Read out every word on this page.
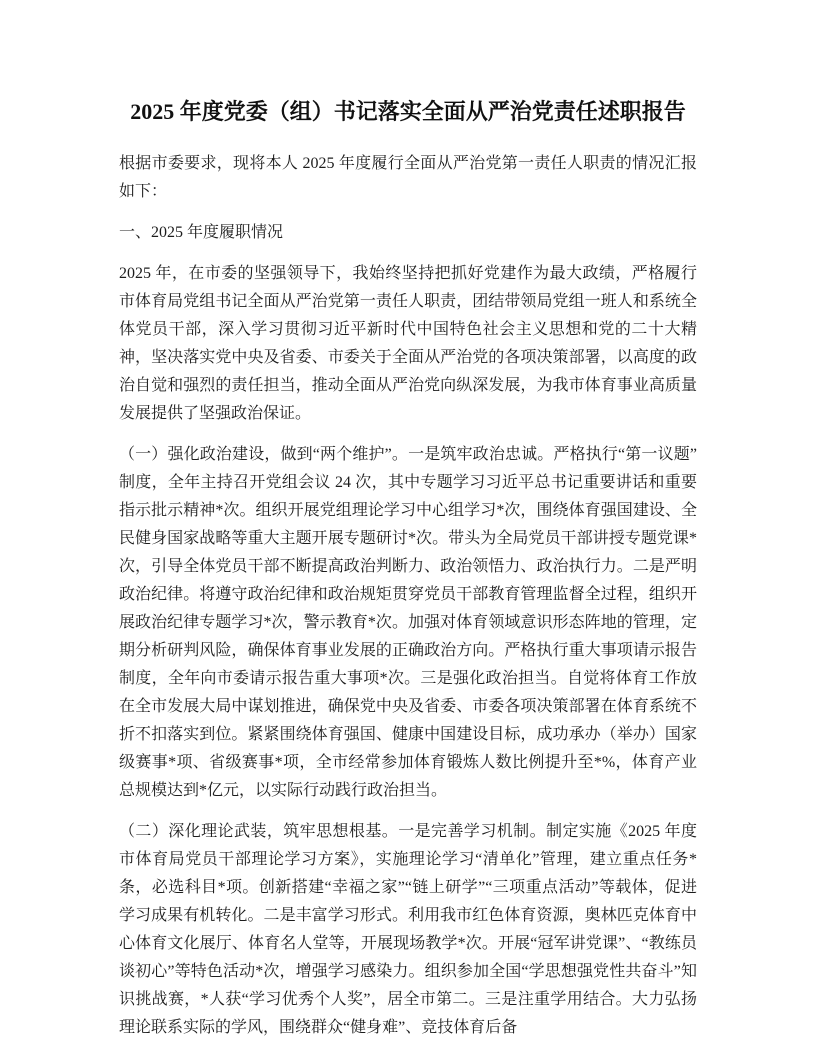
2025 年度党委（组）书记落实全面从严治党责任述职报告

根据市委要求，现将本人 2025 年度履行全面从严治党第一责任人职责的情况汇报如下：

一、2025 年度履职情况

2025 年，在市委的坚强领导下，我始终坚持把抓好党建作为最大政绩，严格履行市体育局党组书记全面从严治党第一责任人职责，团结带领局党组一班人和系统全体党员干部，深入学习贯彻习近平新时代中国特色社会主义思想和党的二十大精神，坚决落实党中央及省委、市委关于全面从严治党的各项决策部署，以高度的政治自觉和强烈的责任担当，推动全面从严治党向纵深发展，为我市体育事业高质量发展提供了坚强政治保证。

（一）强化政治建设，做到“两个维护”。一是筑牢政治忠诚。严格执行“第一议题”制度，全年主持召开党组会议 24 次，其中专题学习习近平总书记重要讲话和重要指示批示精神*次。组织开展党组理论学习中心组学习*次，围绕体育强国建设、全民健身国家战略等重大主题开展专题研讨*次。带头为全局党员干部讲授专题党课*次，引导全体党员干部不断提高政治判断力、政治领悟力、政治执行力。二是严明政治纪律。将遵守政治纪律和政治规矩贯穿党员干部教育管理监督全过程，组织开展政治纪律专题学习*次，警示教育*次。加强对体育领域意识形态阵地的管理，定期分析研判风险，确保体育事业发展的正确政治方向。严格执行重大事项请示报告制度，全年向市委请示报告重大事项*次。三是强化政治担当。自觉将体育工作放在全市发展大局中谋划推进，确保党中央及省委、市委各项决策部署在体育系统不折不扣落实到位。紧紧围绕体育强国、健康中国建设目标，成功承办（举办）国家级赛事*项、省级赛事*项，全市经常参加体育锻炼人数比例提升至*%，体育产业总规模达到*亿元，以实际行动践行政治担当。

（二）深化理论武装，筑牢思想根基。一是完善学习机制。制定实施《2025 年度市体育局党员干部理论学习方案》，实施理论学习“清单化”管理，建立重点任务*条，必选科目*项。创新搭建“幸福之家”“链上研学”“三项重点活动”等载体，促进学习成果有机转化。二是丰富学习形式。利用我市红色体育资源，奥林匹克体育中心体育文化展厅、体育名人堂等，开展现场教学*次。开展“冠军讲党课”、“教练员谈初心”等特色活动*次，增强学习感染力。组织参加全国“学思想强党性共奋斗”知识挑战赛，*人获“学习优秀个人奖”，居全市第二。三是注重学用结合。大力弘扬理论联系实际的学风，围绕群众“健身难”、竞技体育后备
